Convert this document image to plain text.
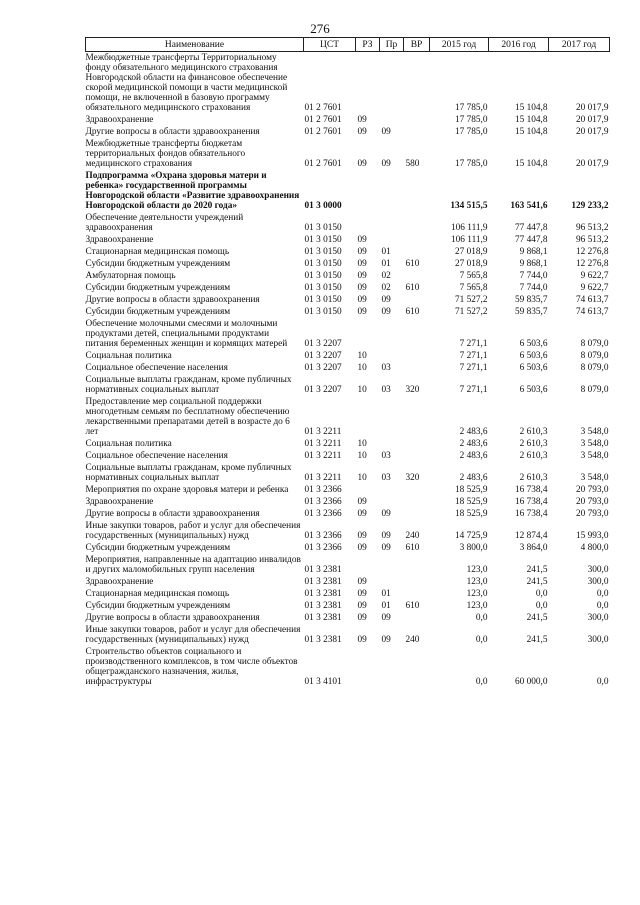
276
Наименование	ЦСТ	РЗ	Пр	ВР	2015 год	2016 год	2017 год
Межбюджетные трансферты Территориальному фонду обязательного медицинского страхования Новгородской области на финансовое обеспечение скорой медицинской помощи в части медицинской помощи, не включенной в базовую программу обязательного медицинского страхования	01 2 7601				17 785,0	15 104,8	20 017,9
Здравоохранение	01 2 7601	09			17 785,0	15 104,8	20 017,9
Другие вопросы в области здравоохранения	01 2 7601	09	09		17 785,0	15 104,8	20 017,9
Межбюджетные трансферты бюджетам территориальных фондов обязательного медицинского страхования	01 2 7601	09	09	580	17 785,0	15 104,8	20 017,9
Подпрограмма «Охрана здоровья матери и ребенка» государственной программы Новгородской области «Развитие здравоохранения Новгородской области до 2020 года»	01 3 0000				134 515,5	163 541,6	129 233,2
Обеспечение деятельности учреждений здравоохранения	01 3 0150				106 111,9	77 447,8	96 513,2
Здравоохранение	01 3 0150	09			106 111,9	77 447,8	96 513,2
Стационарная медицинская помощь	01 3 0150	09	01		27 018,9	9 868,1	12 276,8
Субсидии бюджетным учреждениям	01 3 0150	09	01	610	27 018,9	9 868,1	12 276,8
Амбулаторная помощь	01 3 0150	09	02		7 565,8	7 744,0	9 622,7
Субсидии бюджетным учреждениям	01 3 0150	09	02	610	7 565,8	7 744,0	9 622,7
Другие вопросы в области здравоохранения	01 3 0150	09	09		71 527,2	59 835,7	74 613,7
Субсидии бюджетным учреждениям	01 3 0150	09	09	610	71 527,2	59 835,7	74 613,7
Обеспечение молочными смесями и молочными продуктами детей, специальными продуктами питания беременных женщин и кормящих матерей	01 3 2207				7 271,1	6 503,6	8 079,0
Социальная политика	01 3 2207	10			7 271,1	6 503,6	8 079,0
Социальное обеспечение населения	01 3 2207	10	03		7 271,1	6 503,6	8 079,0
Социальные выплаты гражданам, кроме публичных нормативных социальных выплат	01 3 2207	10	03	320	7 271,1	6 503,6	8 079,0
Предоставление мер социальной поддержки многодетным семьям по бесплатному обеспечению лекарственными препаратами детей в возрасте до 6 лет	01 3 2211				2 483,6	2 610,3	3 548,0
Социальная политика	01 3 2211	10			2 483,6	2 610,3	3 548,0
Социальное обеспечение населения	01 3 2211	10	03		2 483,6	2 610,3	3 548,0
Социальные выплаты гражданам, кроме публичных нормативных социальных выплат	01 3 2211	10	03	320	2 483,6	2 610,3	3 548,0
Мероприятия по охране здоровья матери и ребенка	01 3 2366				18 525,9	16 738,4	20 793,0
Здравоохранение	01 3 2366	09			18 525,9	16 738,4	20 793,0
Другие вопросы в области здравоохранения	01 3 2366	09	09		18 525,9	16 738,4	20 793,0
Иные закупки товаров, работ и услуг для обеспечения государственных (муниципальных) нужд	01 3 2366	09	09	240	14 725,9	12 874,4	15 993,0
Субсидии бюджетным учреждениям	01 3 2366	09	09	610	3 800,0	3 864,0	4 800,0
Мероприятия, направленные на адаптацию инвалидов и других маломобильных групп населения	01 3 2381				123,0	241,5	300,0
Здравоохранение	01 3 2381	09			123,0	241,5	300,0
Стационарная медицинская помощь	01 3 2381	09	01		123,0	0,0	0,0
Субсидии бюджетным учреждениям	01 3 2381	09	01	610	123,0	0,0	0,0
Другие вопросы в области здравоохранения	01 3 2381	09	09		0,0	241,5	300,0
Иные закупки товаров, работ и услуг для обеспечения государственных (муниципальных) нужд	01 3 2381	09	09	240	0,0	241,5	300,0
Строительство объектов социального и производственного комплексов, в том числе объектов общегражданского назначения, жилья, инфраструктуры	01 3 4101				0,0	60 000,0	0,0
